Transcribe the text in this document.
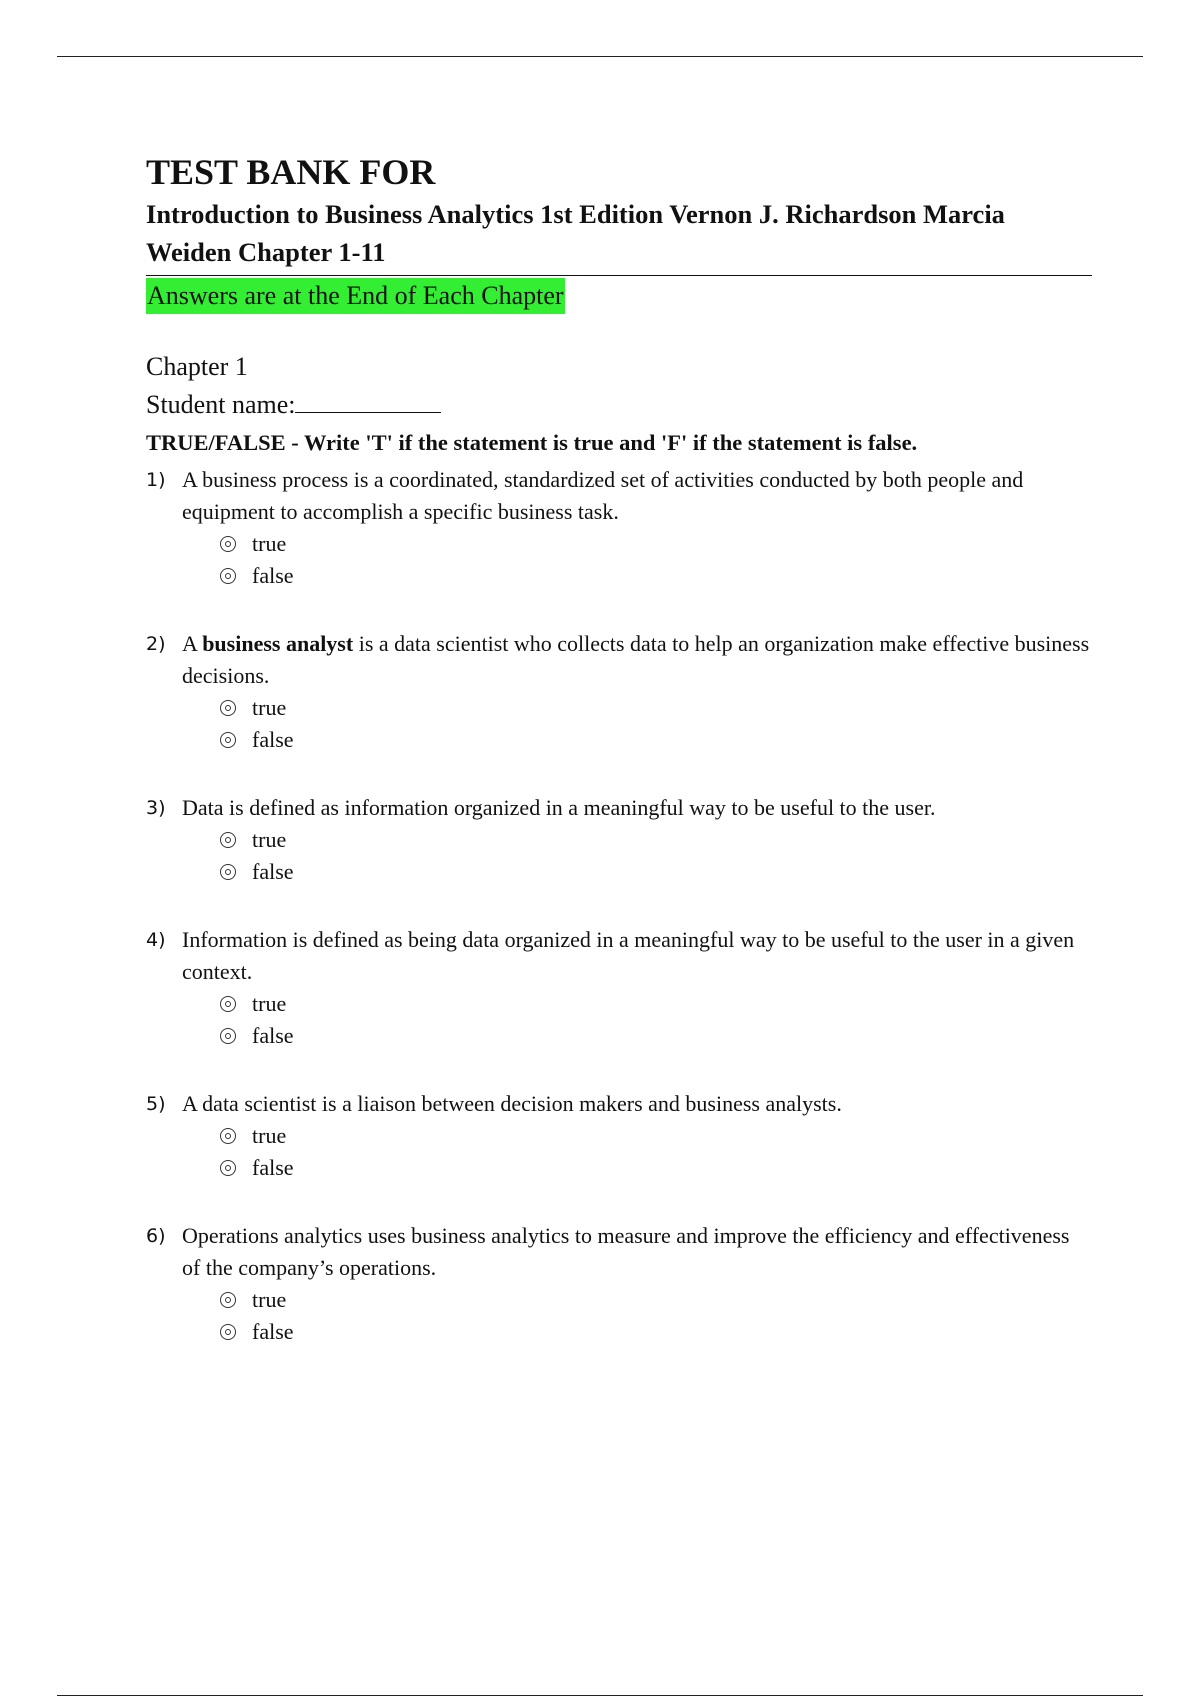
TEST BANK FOR
Introduction to Business Analytics 1st Edition Vernon J. Richardson Marcia Weiden Chapter 1-11
Answers are at the End of Each Chapter
Chapter 1
Student name:
TRUE/FALSE - Write 'T' if the statement is true and 'F' if the statement is false.
1) A business process is a coordinated, standardized set of activities conducted by both people and equipment to accomplish a specific business task.
true
false
2) A business analyst is a data scientist who collects data to help an organization make effective business decisions.
true
false
3) Data is defined as information organized in a meaningful way to be useful to the user.
true
false
4) Information is defined as being data organized in a meaningful way to be useful to the user in a given context.
true
false
5) A data scientist is a liaison between decision makers and business analysts.
true
false
6) Operations analytics uses business analytics to measure and improve the efficiency and effectiveness of the company’s operations.
true
false
